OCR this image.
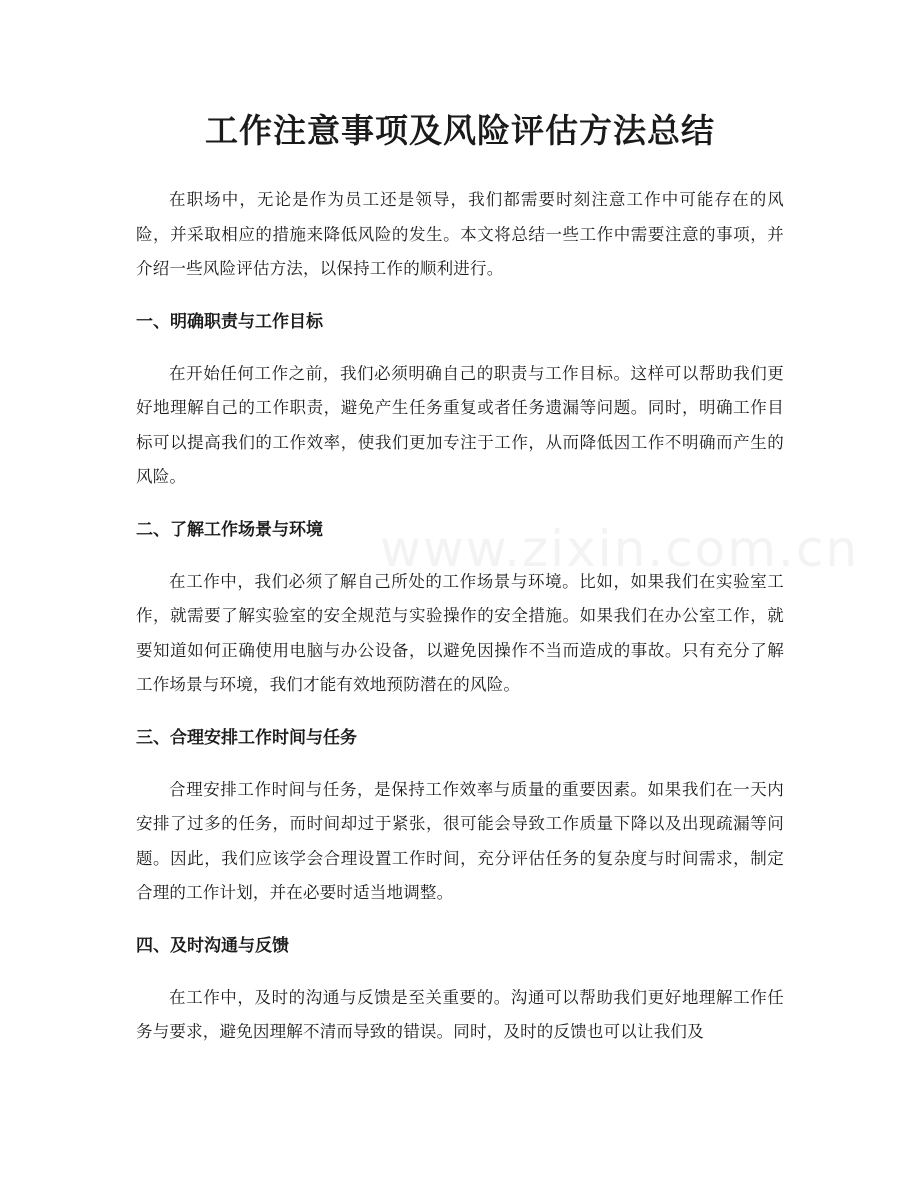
工作注意事项及风险评估方法总结

在职场中，无论是作为员工还是领导，我们都需要时刻注意工作中可能存在的风险，并采取相应的措施来降低风险的发生。本文将总结一些工作中需要注意的事项，并介绍一些风险评估方法，以保持工作的顺利进行。

一、明确职责与工作目标

在开始任何工作之前，我们必须明确自己的职责与工作目标。这样可以帮助我们更好地理解自己的工作职责，避免产生任务重复或者任务遗漏等问题。同时，明确工作目标可以提高我们的工作效率，使我们更加专注于工作，从而降低因工作不明确而产生的风险。

二、了解工作场景与环境

在工作中，我们必须了解自己所处的工作场景与环境。比如，如果我们在实验室工作，就需要了解实验室的安全规范与实验操作的安全措施。如果我们在办公室工作，就要知道如何正确使用电脑与办公设备，以避免因操作不当而造成的事故。只有充分了解工作场景与环境，我们才能有效地预防潜在的风险。

三、合理安排工作时间与任务

合理安排工作时间与任务，是保持工作效率与质量的重要因素。如果我们在一天内安排了过多的任务，而时间却过于紧张，很可能会导致工作质量下降以及出现疏漏等问题。因此，我们应该学会合理设置工作时间，充分评估任务的复杂度与时间需求，制定合理的工作计划，并在必要时适当地调整。

四、及时沟通与反馈

在工作中，及时的沟通与反馈是至关重要的。沟通可以帮助我们更好地理解工作任务与要求，避免因理解不清而导致的错误。同时，及时的反馈也可以让我们及

www.zixin.com.cn
